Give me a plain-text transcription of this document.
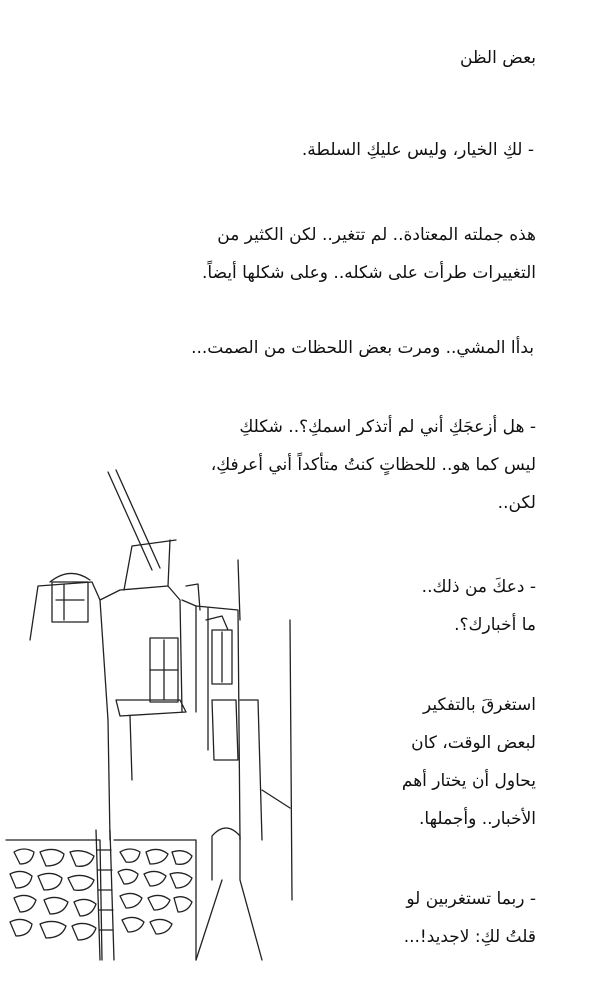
بعض الظن
- لكِ الخيار، وليس عليكِ السلطة.
هذه جملته المعتادة.. لم تتغير.. لكن الكثير من
التغييرات طرأت على شكله.. وعلى شكلها أيضاً.
بدأا المشي.. ومرت بعض اللحظات من الصمت...
- هل أزعجَكِ أني لم أتذكر اسمكِ؟.. شكلكِ
ليس كما هو.. للحظاتٍ كنتُ متأكداً أني أعرفكِ،
لكن..
- دعكَ من ذلك..
ما أخبارك؟.
استغرقَ بالتفكير
لبعض الوقت، كان
يحاول أن يختار أهم
الأخبار.. وأجملها.
- ربما تستغربين لو
قلتُ لكِ: لاجديد!...
